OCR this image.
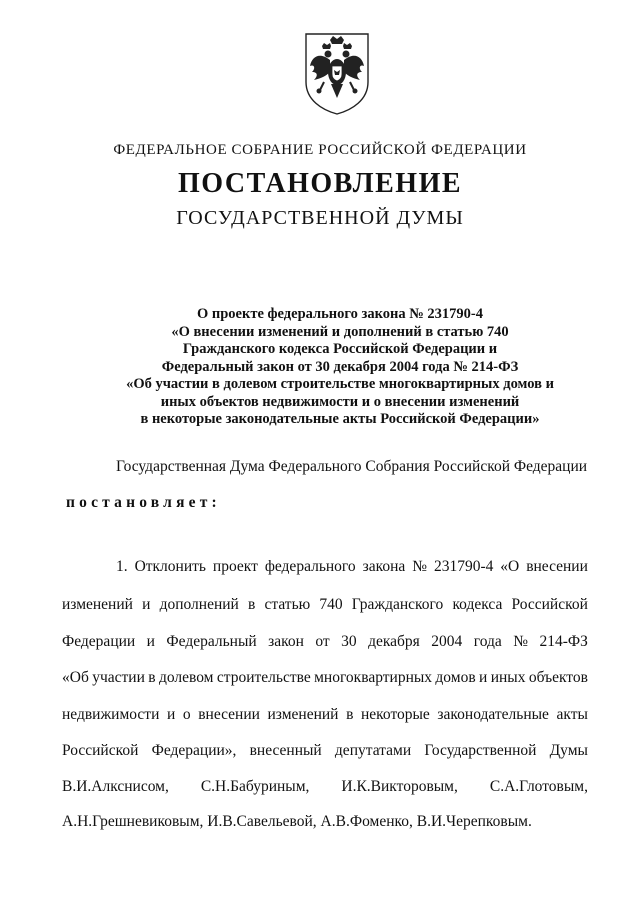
ФЕДЕРАЛЬНОЕ СОБРАНИЕ РОССИЙСКОЙ ФЕДЕРАЦИИ
ПОСТАНОВЛЕНИЕ
ГОСУДАРСТВЕННОЙ ДУМЫ
О проекте федерального закона № 231790-4
«О внесении изменений и дополнений в статью 740
Гражданского кодекса Российской Федерации и
Федеральный закон от 30 декабря 2004 года № 214-ФЗ
«Об участии в долевом строительстве многоквартирных домов и
иных объектов недвижимости и о внесении изменений
в некоторые законодательные акты Российской Федерации»
Государственная Дума Федерального Собрания Российской Федерации
постановляет:
1. Отклонить проект федерального закона № 231790-4 «О внесении
изменений и дополнений в статью 740 Гражданского кодекса Российской
Федерации и Федеральный закон от 30 декабря 2004 года № 214-ФЗ
«Об участии в долевом строительстве многоквартирных домов и иных объектов
недвижимости и о внесении изменений в некоторые законодательные акты
Российской Федерации», внесенный депутатами Государственной Думы
В.И.Алкснисом, С.Н.Бабуриным, И.К.Викторовым, С.А.Глотовым,
А.Н.Грешневиковым, И.В.Савельевой, А.В.Фоменко, В.И.Черепковым.
